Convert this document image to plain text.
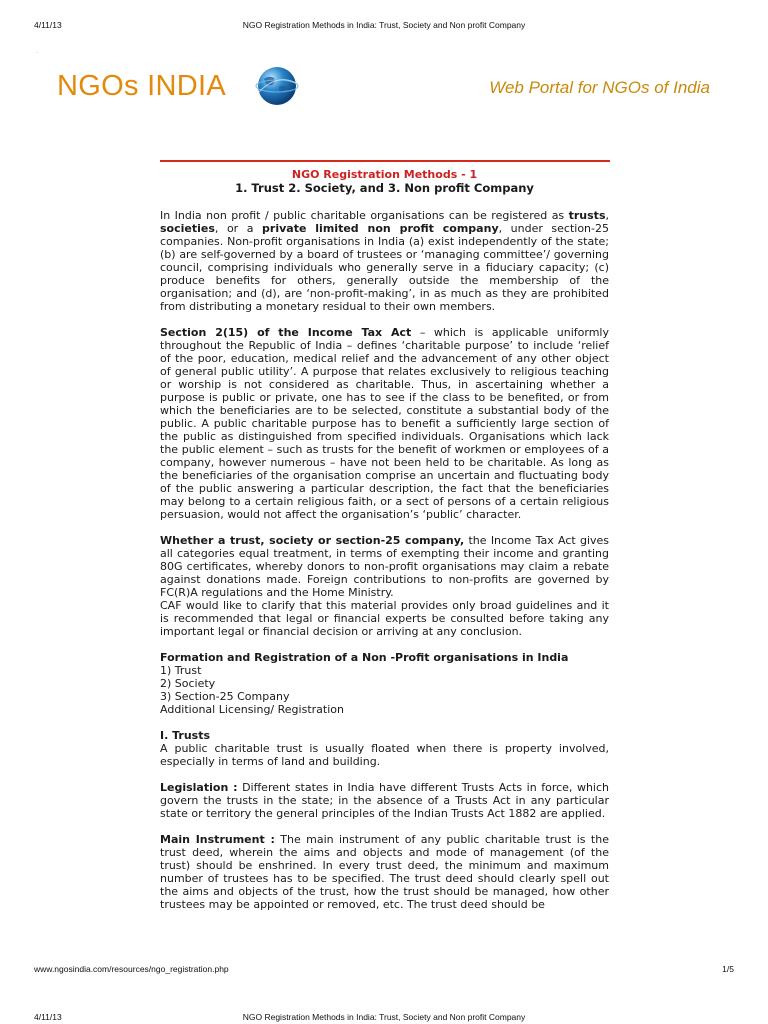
4/11/13	NGO Registration Methods in India: Trust, Society and Non profit Company
.
NGOs INDIA	Web Portal for NGOs of India
NGO Registration Methods - 1
1. Trust 2. Society, and 3. Non profit Company

In India non profit / public charitable organisations can be registered as trusts, societies, or a private limited non profit company, under section-25 companies. Non-profit organisations in India (a) exist independently of the state; (b) are self-governed by a board of trustees or ‘managing committee’/ governing council, comprising individuals who generally serve in a fiduciary capacity; (c) produce benefits for others, generally outside the membership of the organisation; and (d), are ‘non-profit-making’, in as much as they are prohibited from distributing a monetary residual to their own members.

Section 2(15) of the Income Tax Act – which is applicable uniformly throughout the Republic of India – defines ‘charitable purpose’ to include ‘relief of the poor, education, medical relief and the advancement of any other object of general public utility’. A purpose that relates exclusively to religious teaching or worship is not considered as charitable. Thus, in ascertaining whether a purpose is public or private, one has to see if the class to be benefited, or from which the beneficiaries are to be selected, constitute a substantial body of the public. A public charitable purpose has to benefit a sufficiently large section of the public as distinguished from specified individuals. Organisations which lack the public element – such as trusts for the benefit of workmen or employees of a company, however numerous – have not been held to be charitable. As long as the beneficiaries of the organisation comprise an uncertain and fluctuating body of the public answering a particular description, the fact that the beneficiaries may belong to a certain religious faith, or a sect of persons of a certain religious persuasion, would not affect the organisation’s ‘public’ character.

Whether a trust, society or section-25 company, the Income Tax Act gives all categories equal treatment, in terms of exempting their income and granting 80G certificates, whereby donors to non-profit organisations may claim a rebate against donations made. Foreign contributions to non-profits are governed by FC(R)A regulations and the Home Ministry.
CAF would like to clarify that this material provides only broad guidelines and it is recommended that legal or financial experts be consulted before taking any important legal or financial decision or arriving at any conclusion.

Formation and Registration of a Non -Profit organisations in India
1) Trust
2) Society
3) Section-25 Company
Additional Licensing/ Registration

I. Trusts
A public charitable trust is usually floated when there is property involved, especially in terms of land and building.

Legislation : Different states in India have different Trusts Acts in force, which govern the trusts in the state; in the absence of a Trusts Act in any particular state or territory the general principles of the Indian Trusts Act 1882 are applied.

Main Instrument : The main instrument of any public charitable trust is the trust deed, wherein the aims and objects and mode of management (of the trust) should be enshrined. In every trust deed, the minimum and maximum number of trustees has to be specified. The trust deed should clearly spell out the aims and objects of the trust, how the trust should be managed, how other trustees may be appointed or removed, etc. The trust deed should be

www.ngosindia.com/resources/ngo_registration.php	1/5
4/11/13	NGO Registration Methods in India: Trust, Society and Non profit Company
